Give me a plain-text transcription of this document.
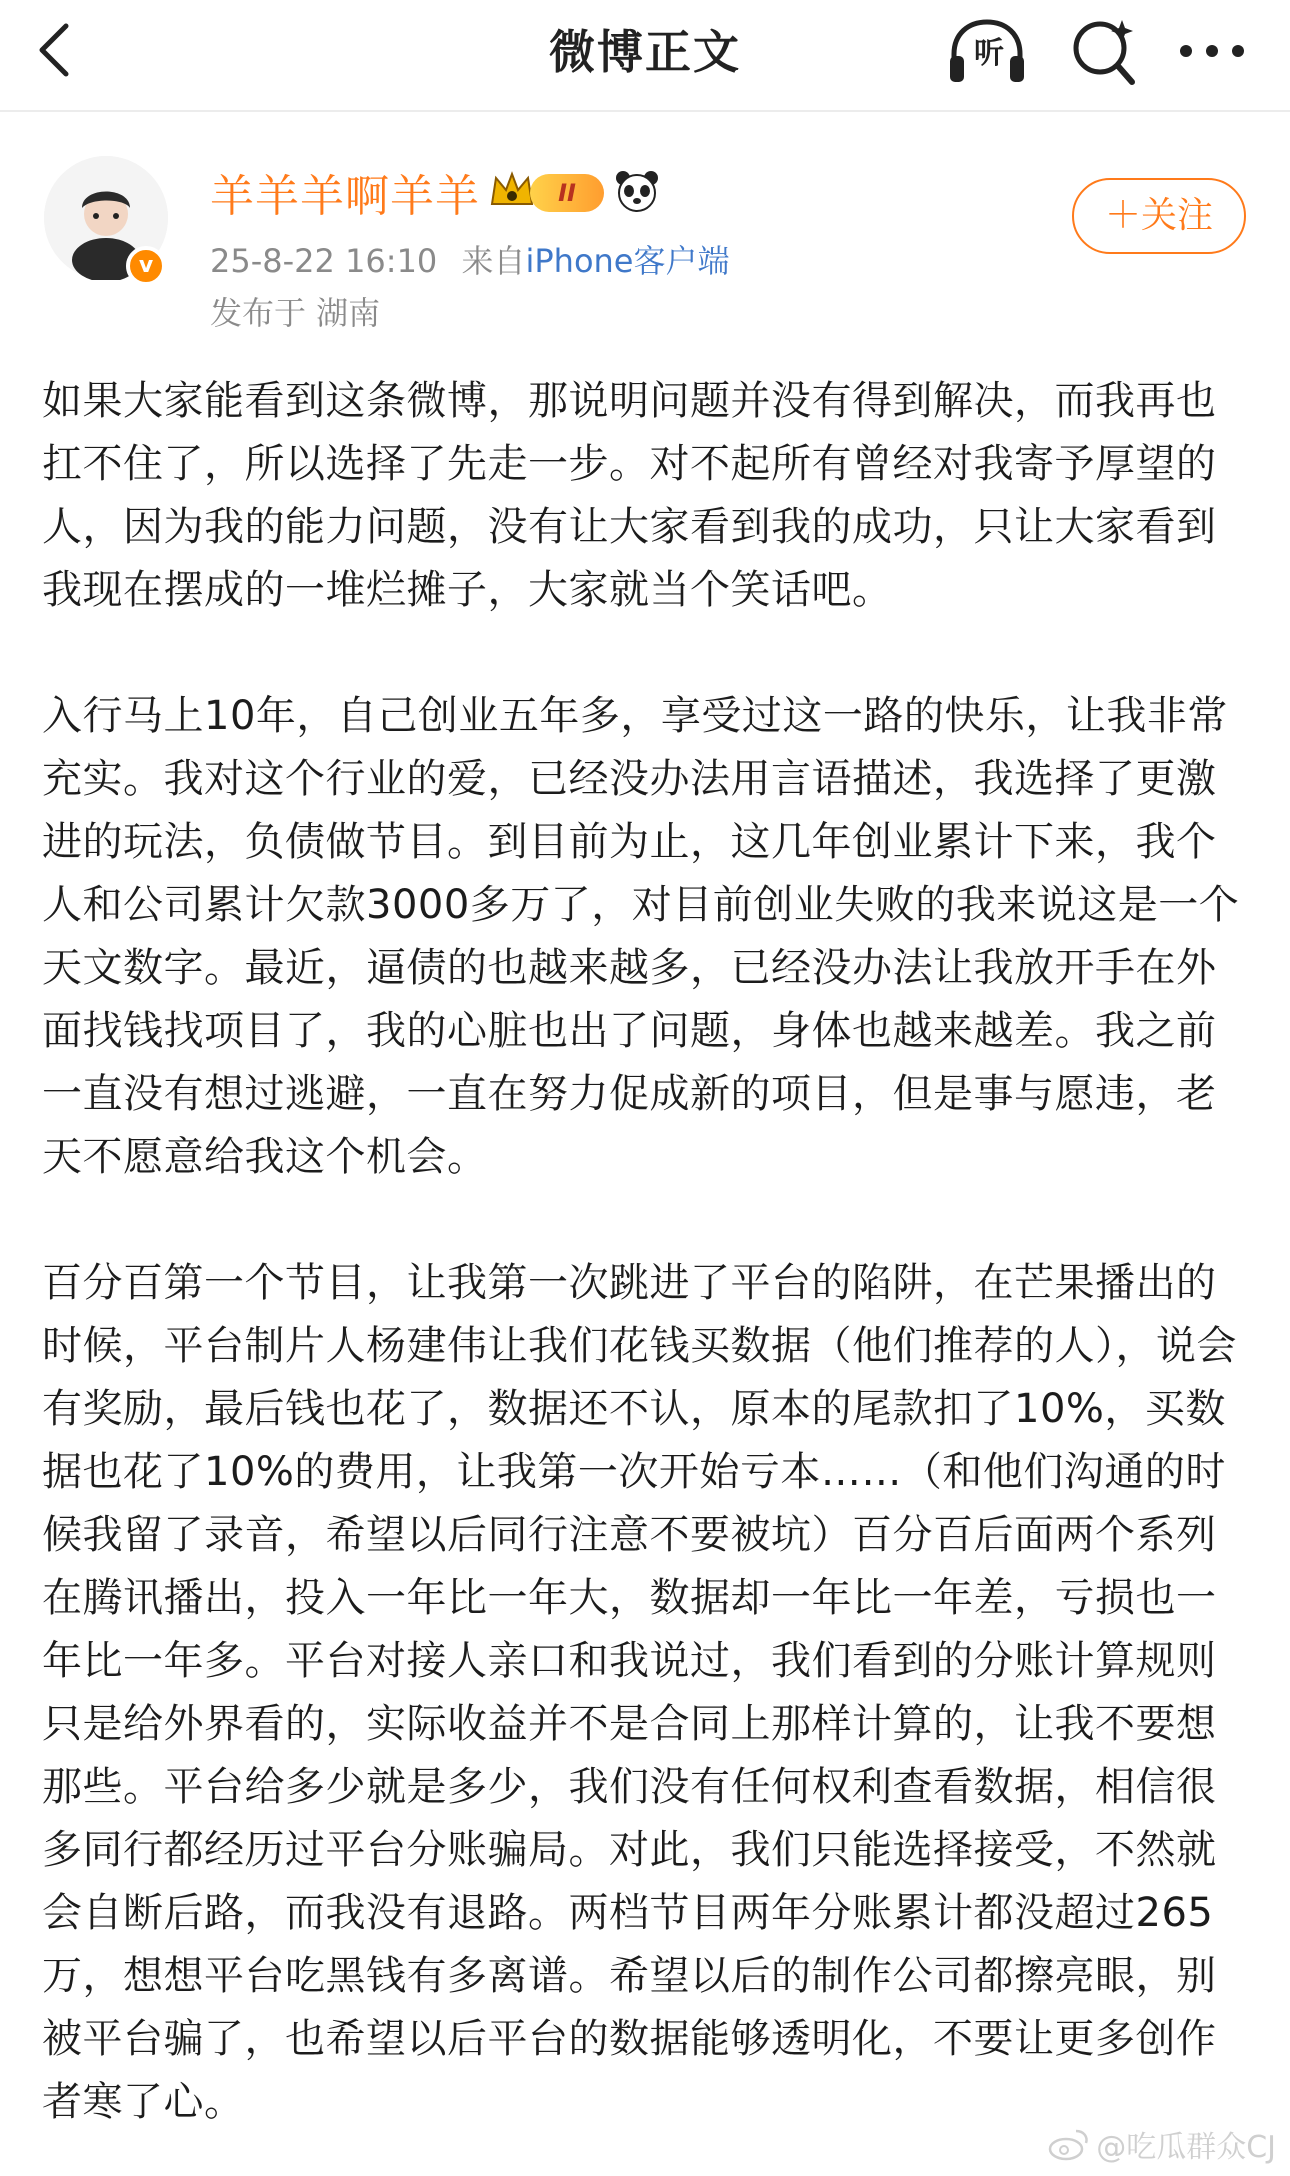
微博正文	听
v
羊羊羊啊羊羊	II
25-8-22 16:10 来自iPhone客户端
发布于 湖南
＋关注

如果大家能看到这条微博，那说明问题并没有得到解决，而我再也扛不住了，所以选择了先走一步。对不起所有曾经对我寄予厚望的人，因为我的能力问题，没有让大家看到我的成功，只让大家看到我现在摆成的一堆烂摊子，大家就当个笑话吧。

入行马上10年，自己创业五年多，享受过这一路的快乐，让我非常充实。我对这个行业的爱，已经没办法用言语描述，我选择了更激进的玩法，负债做节目。到目前为止，这几年创业累计下来，我个人和公司累计欠款3000多万了，对目前创业失败的我来说这是一个天文数字。最近，逼债的也越来越多，已经没办法让我放开手在外面找钱找项目了，我的心脏也出了问题，身体也越来越差。我之前一直没有想过逃避，一直在努力促成新的项目，但是事与愿违，老天不愿意给我这个机会。

百分百第一个节目，让我第一次跳进了平台的陷阱，在芒果播出的时候，平台制片人杨建伟让我们花钱买数据（他们推荐的人），说会有奖励，最后钱也花了，数据还不认，原本的尾款扣了10%，买数据也花了10%的费用，让我第一次开始亏本……（和他们沟通的时候我留了录音，希望以后同行注意不要被坑）百分百后面两个系列在腾讯播出，投入一年比一年大，数据却一年比一年差，亏损也一年比一年多。平台对接人亲口和我说过，我们看到的分账计算规则只是给外界看的，实际收益并不是合同上那样计算的，让我不要想那些。平台给多少就是多少，我们没有任何权利查看数据，相信很多同行都经历过平台分账骗局。对此，我们只能选择接受，不然就会自断后路，而我没有退路。两档节目两年分账累计都没超过265万，想想平台吃黑钱有多离谱。希望以后的制作公司都擦亮眼，别被平台骗了，也希望以后平台的数据能够透明化，不要让更多创作者寒了心。

@吃瓜群众CJ
